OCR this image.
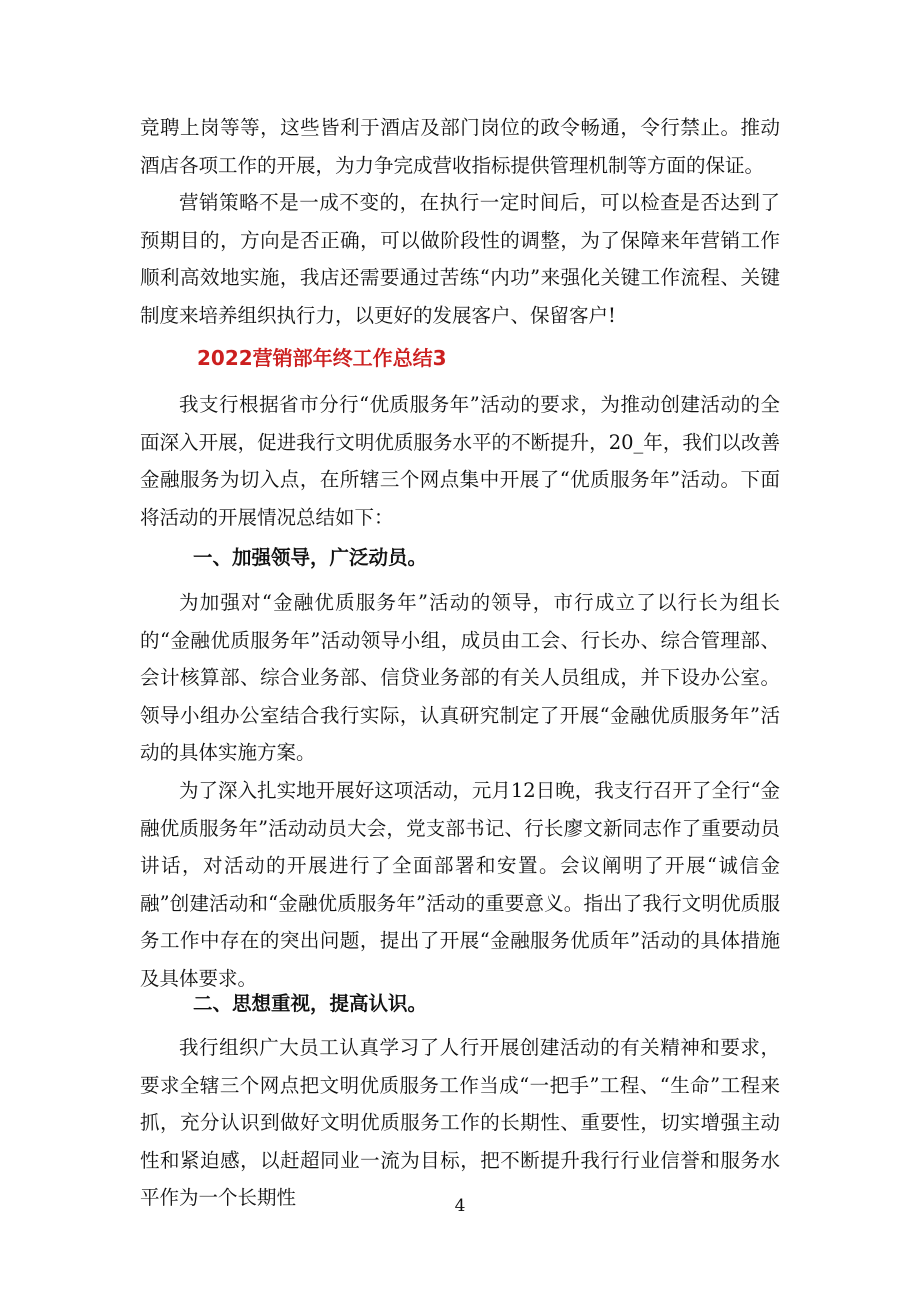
竞聘上岗等等，这些皆利于酒店及部门岗位的政令畅通，令行禁止。推动酒店各项工作的开展，为力争完成营收指标提供管理机制等方面的保证。

营销策略不是一成不变的，在执行一定时间后，可以检查是否达到了预期目的，方向是否正确，可以做阶段性的调整，为了保障来年营销工作顺利高效地实施，我店还需要通过苦练“内功”来强化关键工作流程、关键制度来培养组织执行力，以更好的发展客户、保留客户!

2022营销部年终工作总结3

我支行根据省市分行“优质服务年”活动的要求，为推动创建活动的全面深入开展，促进我行文明优质服务水平的不断提升，20_年，我们以改善金融服务为切入点，在所辖三个网点集中开展了“优质服务年”活动。下面将活动的开展情况总结如下：

一、加强领导，广泛动员。

为加强对“金融优质服务年”活动的领导，市行成立了以行长为组长的“金融优质服务年”活动领导小组，成员由工会、行长办、综合管理部、会计核算部、综合业务部、信贷业务部的有关人员组成，并下设办公室。领导小组办公室结合我行实际，认真研究制定了开展“金融优质服务年”活动的具体实施方案。

为了深入扎实地开展好这项活动，元月12日晚，我支行召开了全行“金融优质服务年”活动动员大会，党支部书记、行长廖文新同志作了重要动员讲话，对活动的开展进行了全面部署和安置。会议阐明了开展“诚信金融”创建活动和“金融优质服务年”活动的重要意义。指出了我行文明优质服务工作中存在的突出问题，提出了开展“金融服务优质年”活动的具体措施及具体要求。

二、思想重视，提高认识。

我行组织广大员工认真学习了人行开展创建活动的有关精神和要求，要求全辖三个网点把文明优质服务工作当成“一把手”工程、“生命”工程来抓，充分认识到做好文明优质服务工作的长期性、重要性，切实增强主动性和紧迫感，以赶超同业一流为目标，把不断提升我行行业信誉和服务水平作为一个长期性	4
